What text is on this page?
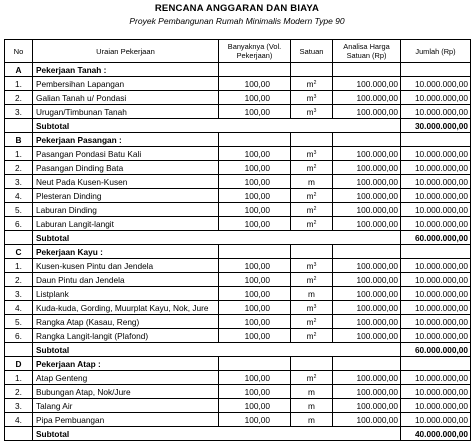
RENCANA ANGGARAN DAN BIAYA
Proyek Pembangunan Rumah Minimalis Modern Type 90
No	Uraian Pekerjaan	Banyaknya (Vol. Pekerjaan)	Satuan	Analisa Harga Satuan (Rp)	Jumlah (Rp)
A	Pekerjaan Tanah :				
1.	Pembersihan Lapangan	100,00	$m^2$	100.000,00	10.000.000,00
2.	Galian Tanah u/ Pondasi	100,00	$m^3$	100.000,00	10.000.000,00
3.	Urugan/Timbunan Tanah	100,00	$m^3$	100.000,00	10.000.000,00
	Subtotal				30.000.000,00
B	Pekerjaan Pasangan :				
1.	Pasangan Pondasi Batu Kali	100,00	$m^3$	100.000,00	10.000.000,00
2.	Pasangan Dinding Bata	100,00	$m^2$	100.000,00	10.000.000,00
3.	Neut Pada Kusen-Kusen	100,00	m	100.000,00	10.000.000,00
4.	Plesteran Dinding	100,00	$m^2$	100.000,00	10.000.000,00
5.	Laburan Dinding	100,00	$m^2$	100.000,00	10.000.000,00
6.	Laburan Langit-langit	100,00	$m^2$	100.000,00	10.000.000,00
	Subtotal				60.000.000,00
C	Pekerjaan Kayu :				
1.	Kusen-kusen Pintu dan Jendela	100,00	$m^3$	100.000,00	10.000.000,00
2.	Daun Pintu dan Jendela	100,00	$m^2$	100.000,00	10.000.000,00
3.	Listplank	100,00	m	100.000,00	10.000.000,00
4.	Kuda-kuda, Gording, Muurplat Kayu, Nok, Jure	100,00	$m^3$	100.000,00	10.000.000,00
5.	Rangka Atap (Kasau, Reng)	100,00	$m^2$	100.000,00	10.000.000,00
6.	Rangka Langit-langit (Plafond)	100,00	$m^2$	100.000,00	10.000.000,00
	Subtotal				60.000.000,00
D	Pekerjaan Atap :				
1.	Atap Genteng	100,00	$m^2$	100.000,00	10.000.000,00
2.	Bubungan Atap, Nok/Jure	100,00	m	100.000,00	10.000.000,00
3.	Talang Air	100,00	m	100.000,00	10.000.000,00
4.	Pipa Pembuangan	100,00	m	100.000,00	10.000.000,00
	Subtotal				40.000.000,00
